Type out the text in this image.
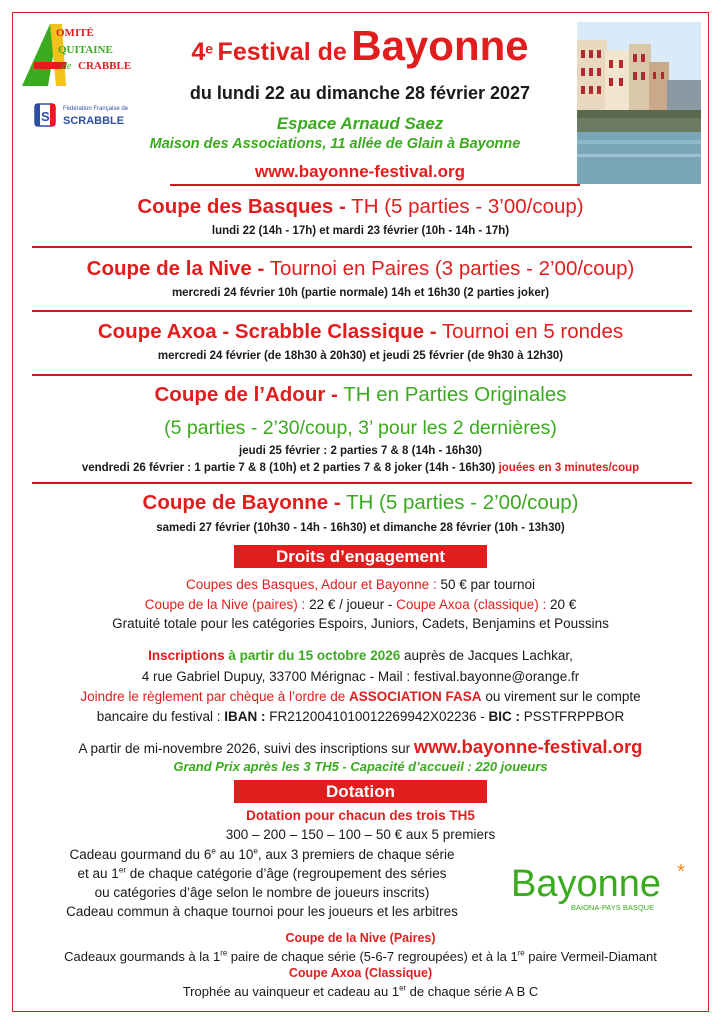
OMITÉ
QUITAINE
de CRABBLE
S Fédération Française de
SCRABBLE
4e Festival de Bayonne
du lundi 22 au dimanche 28 février 2027
Espace Arnaud Saez
Maison des Associations, 11 allée de Glain à Bayonne
www.bayonne-festival.org
Coupe des Basques - TH (5 parties - 3’00/coup)
lundi 22 (14h - 17h) et mardi 23 février (10h - 14h - 17h)
Coupe de la Nive - Tournoi en Paires (3 parties - 2’00/coup)
mercredi 24 février 10h (partie normale) 14h et 16h30 (2 parties joker)
Coupe Axoa - Scrabble Classique - Tournoi en 5 rondes
mercredi 24 février (de 18h30 à 20h30) et jeudi 25 février (de 9h30 à 12h30)
Coupe de l’Adour - TH en Parties Originales
(5 parties - 2’30/coup, 3’ pour les 2 dernières)
jeudi 25 février : 2 parties 7 & 8 (14h - 16h30)
vendredi 26 février : 1 partie 7 & 8 (10h) et 2 parties 7 & 8 joker (14h - 16h30) jouées en 3 minutes/coup
Coupe de Bayonne - TH (5 parties - 2’00/coup)
samedi 27 février (10h30 - 14h - 16h30) et dimanche 28 février (10h - 13h30)
Droits d’engagement
Coupes des Basques, Adour et Bayonne : 50 € par tournoi
Coupe de la Nive (paires) : 22 € / joueur - Coupe Axoa (classique) : 20 €
Gratuité totale pour les catégories Espoirs, Juniors, Cadets, Benjamins et Poussins
Inscriptions à partir du 15 octobre 2026 auprès de Jacques Lachkar,
4 rue Gabriel Dupuy, 33700 Mérignac - Mail : festival.bayonne@orange.fr
Joindre le règlement par chèque à l’ordre de ASSOCIATION FASA ou virement sur le compte
bancaire du festival : IBAN : FR2120041010012269942X02236 - BIC : PSSTFRPPBOR
A partir de mi-novembre 2026, suivi des inscriptions sur www.bayonne-festival.org
Grand Prix après les 3 TH5 - Capacité d’accueil : 220 joueurs
Dotation
Dotation pour chacun des trois TH5
300 – 200 – 150 – 100 – 50 € aux 5 premiers
Cadeau gourmand du 6e au 10e, aux 3 premiers de chaque série
et au 1er de chaque catégorie d’âge (regroupement des séries
ou catégories d’âge selon le nombre de joueurs inscrits)
Cadeau commun à chaque tournoi pour les joueurs et les arbitres
Bayonne *
BAIONA-PAYS BASQUE
Coupe de la Nive (Paires)
Cadeaux gourmands à la 1re paire de chaque série (5-6-7 regroupées) et à la 1re paire Vermeil-Diamant
Coupe Axoa (Classique)
Trophée au vainqueur et cadeau au 1er de chaque série A B C
